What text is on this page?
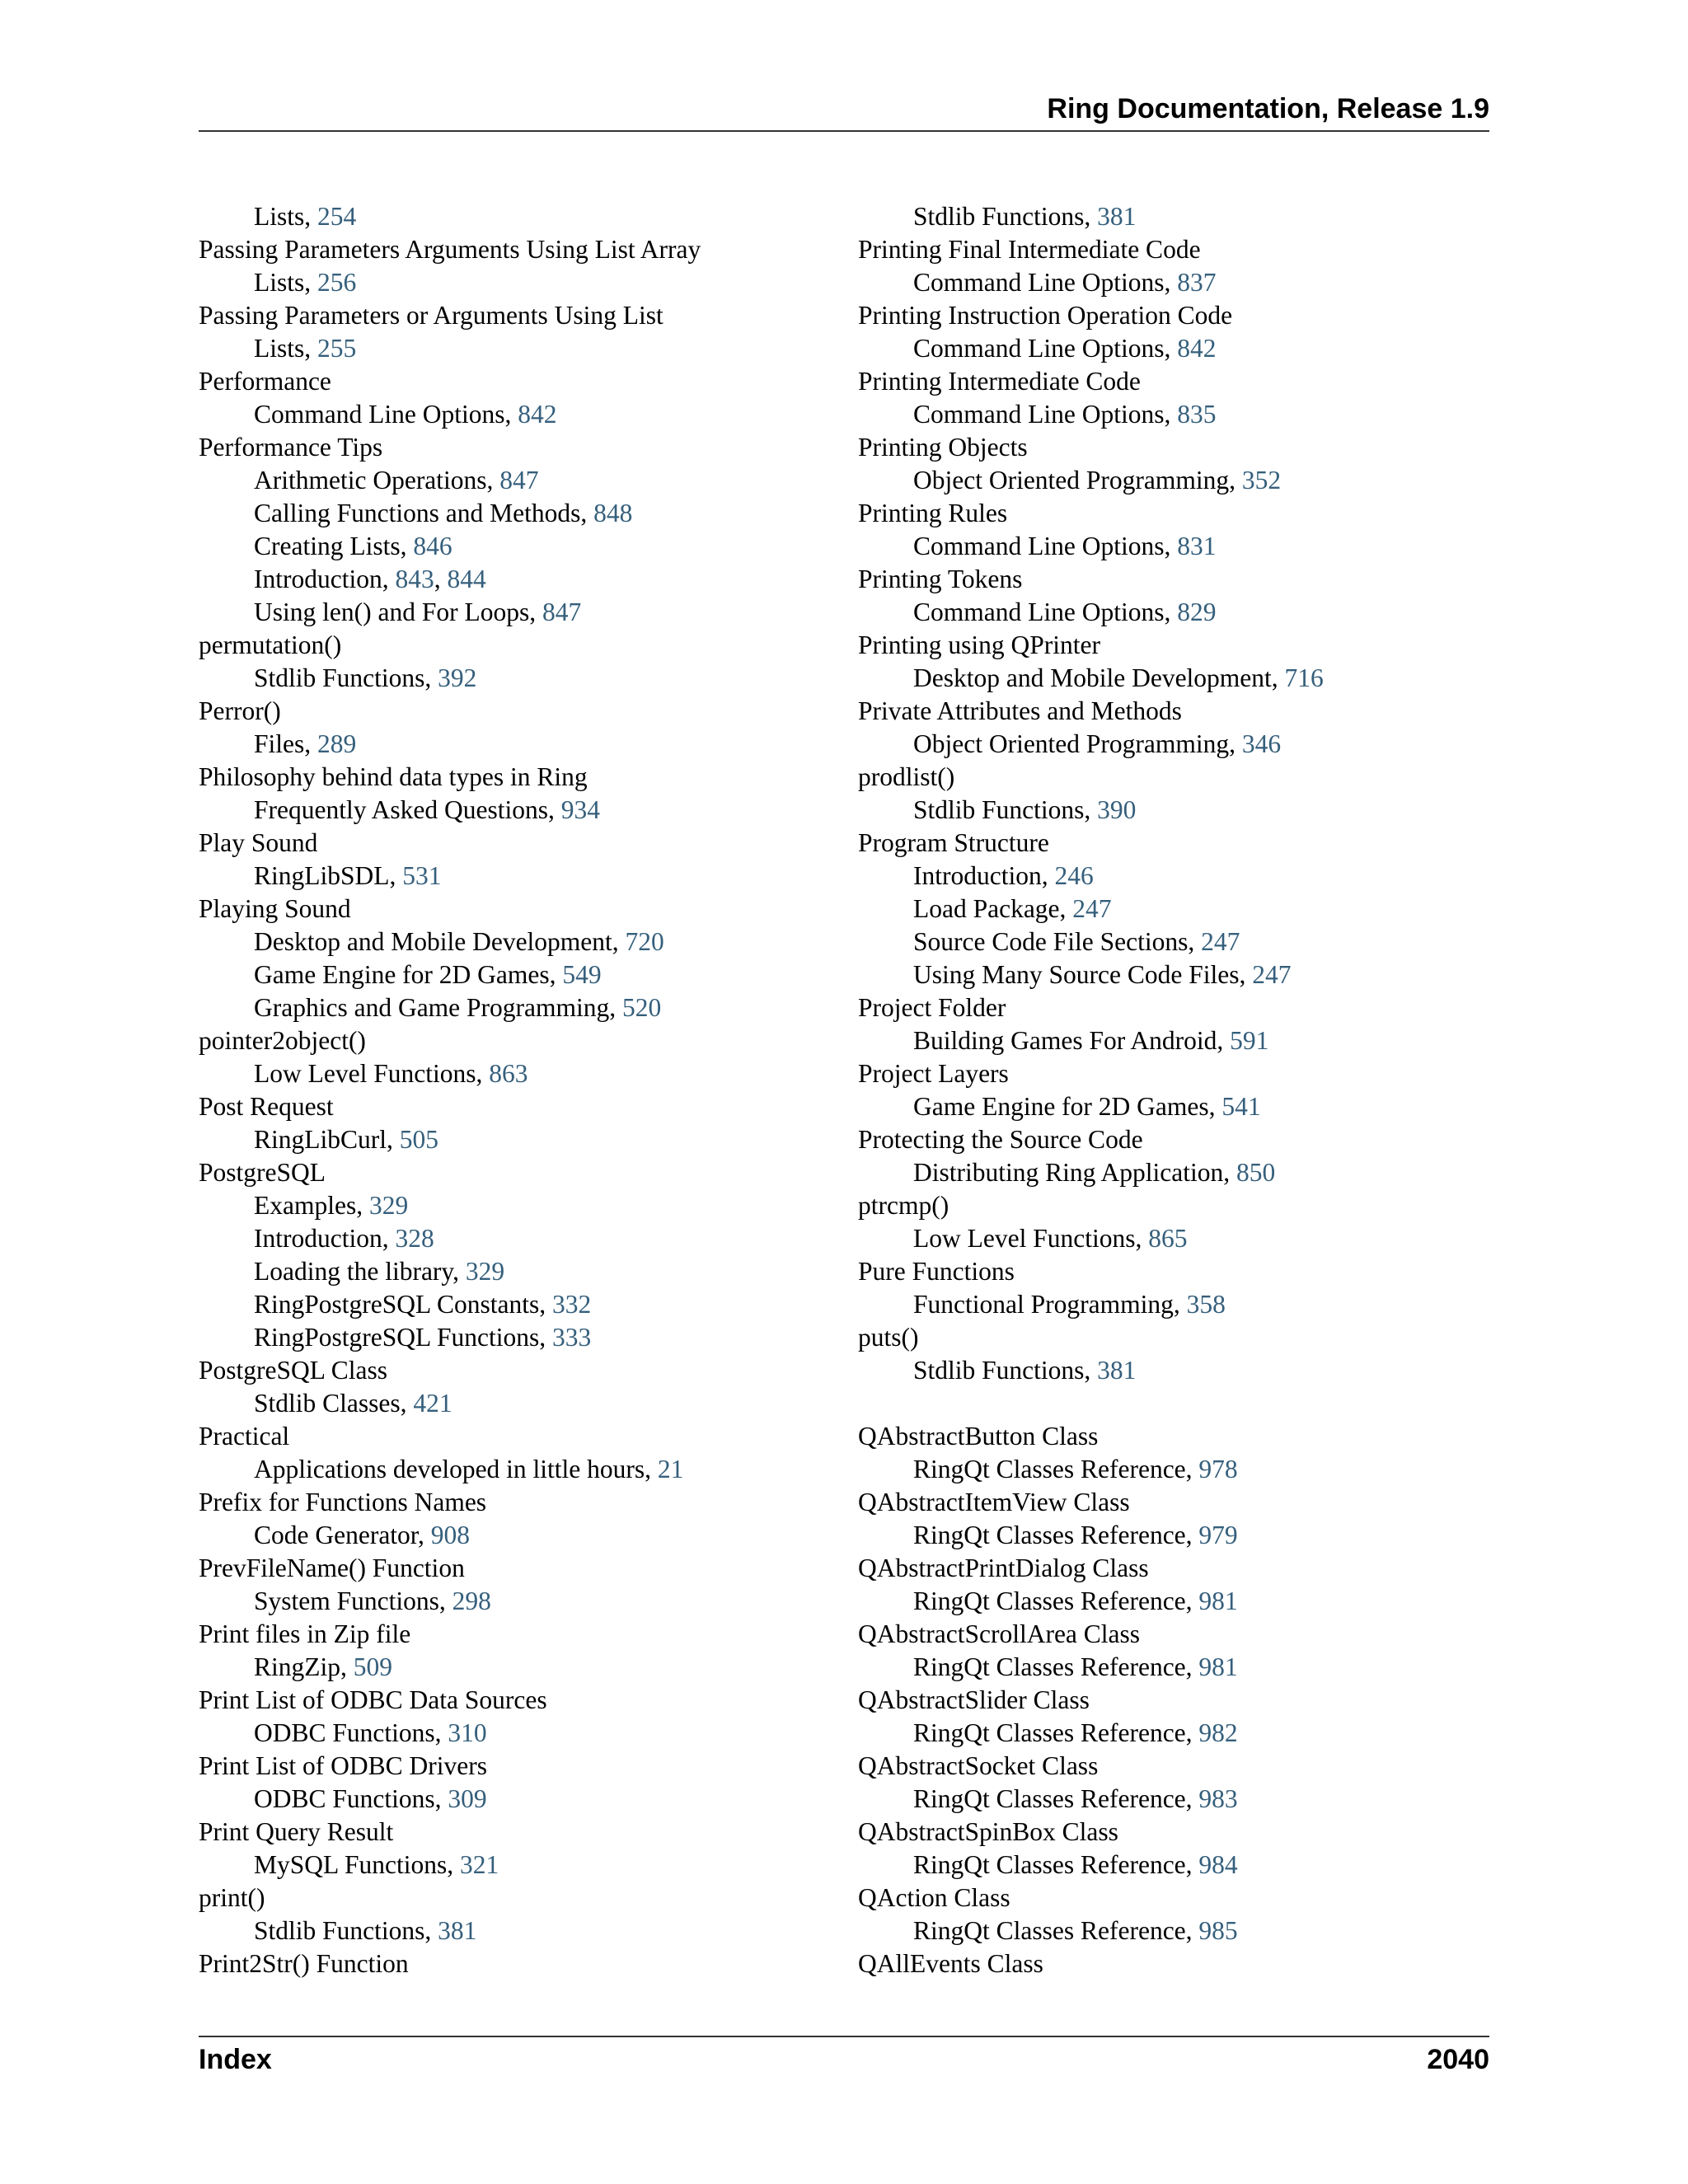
Ring Documentation, Release 1.9
Lists, 254
Passing Parameters Arguments Using List Array
Lists, 256
Passing Parameters or Arguments Using List
Lists, 255
Performance
Command Line Options, 842
Performance Tips
Arithmetic Operations, 847
Calling Functions and Methods, 848
Creating Lists, 846
Introduction, 843, 844
Using len() and For Loops, 847
permutation()
Stdlib Functions, 392
Perror()
Files, 289
Philosophy behind data types in Ring
Frequently Asked Questions, 934
Play Sound
RingLibSDL, 531
Playing Sound
Desktop and Mobile Development, 720
Game Engine for 2D Games, 549
Graphics and Game Programming, 520
pointer2object()
Low Level Functions, 863
Post Request
RingLibCurl, 505
PostgreSQL
Examples, 329
Introduction, 328
Loading the library, 329
RingPostgreSQL Constants, 332
RingPostgreSQL Functions, 333
PostgreSQL Class
Stdlib Classes, 421
Practical
Applications developed in little hours, 21
Prefix for Functions Names
Code Generator, 908
PrevFileName() Function
System Functions, 298
Print files in Zip file
RingZip, 509
Print List of ODBC Data Sources
ODBC Functions, 310
Print List of ODBC Drivers
ODBC Functions, 309
Print Query Result
MySQL Functions, 321
print()
Stdlib Functions, 381
Print2Str() Function
Stdlib Functions, 381
Printing Final Intermediate Code
Command Line Options, 837
Printing Instruction Operation Code
Command Line Options, 842
Printing Intermediate Code
Command Line Options, 835
Printing Objects
Object Oriented Programming, 352
Printing Rules
Command Line Options, 831
Printing Tokens
Command Line Options, 829
Printing using QPrinter
Desktop and Mobile Development, 716
Private Attributes and Methods
Object Oriented Programming, 346
prodlist()
Stdlib Functions, 390
Program Structure
Introduction, 246
Load Package, 247
Source Code File Sections, 247
Using Many Source Code Files, 247
Project Folder
Building Games For Android, 591
Project Layers
Game Engine for 2D Games, 541
Protecting the Source Code
Distributing Ring Application, 850
ptrcmp()
Low Level Functions, 865
Pure Functions
Functional Programming, 358
puts()
Stdlib Functions, 381
QAbstractButton Class
RingQt Classes Reference, 978
QAbstractItemView Class
RingQt Classes Reference, 979
QAbstractPrintDialog Class
RingQt Classes Reference, 981
QAbstractScrollArea Class
RingQt Classes Reference, 981
QAbstractSlider Class
RingQt Classes Reference, 982
QAbstractSocket Class
RingQt Classes Reference, 983
QAbstractSpinBox Class
RingQt Classes Reference, 984
QAction Class
RingQt Classes Reference, 985
QAllEvents Class
Index	2040
